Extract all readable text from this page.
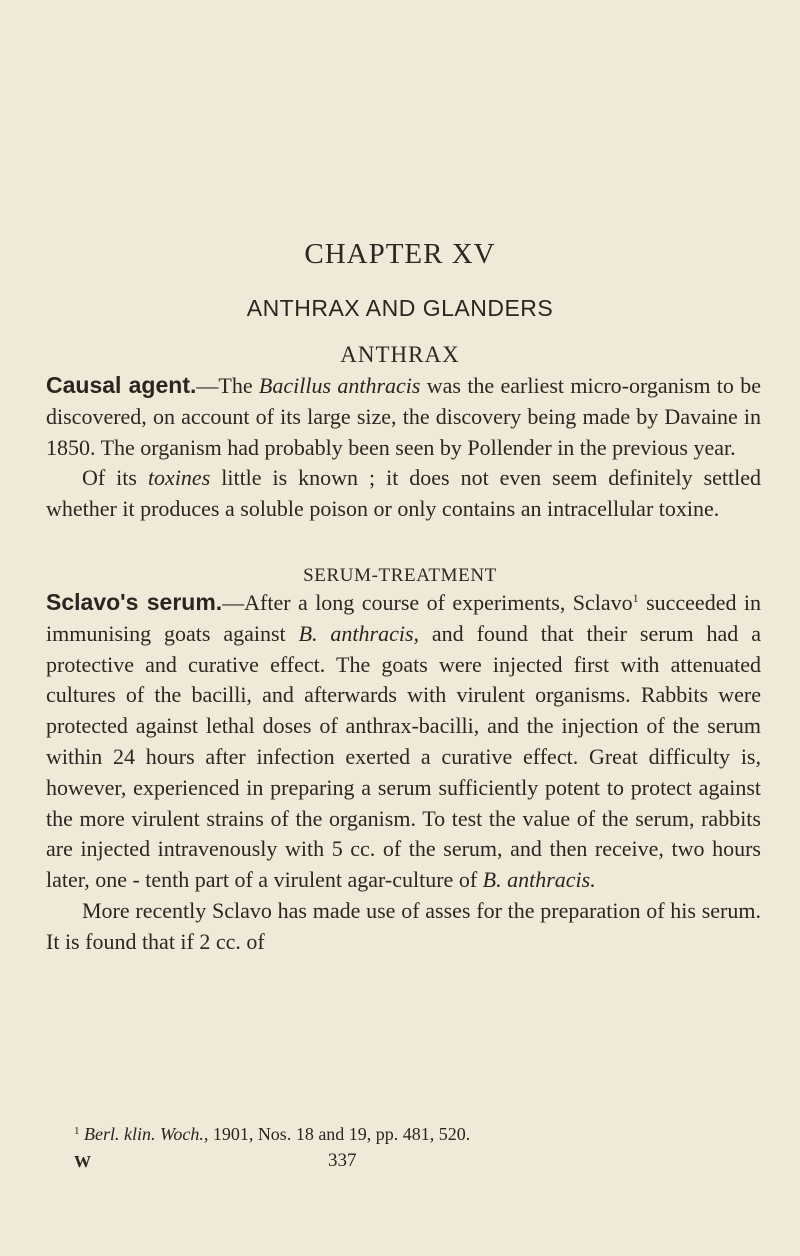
CHAPTER XV
ANTHRAX AND GLANDERS
ANTHRAX

Causal agent.—The Bacillus anthracis was the earliest micro-organism to be discovered, on account of its large size, the discovery being made by Davaine in 1850. The organism had probably been seen by Pollender in the previous year.

Of its toxines little is known ; it does not even seem definitely settled whether it produces a soluble poison or only contains an intracellular toxine.

SERUM-TREATMENT

Sclavo's serum.—After a long course of experiments, Sclavo$^1$ succeeded in immunising goats against B. anthracis, and found that their serum had a protective and curative effect. The goats were injected first with attenuated cultures of the bacilli, and afterwards with virulent organisms. Rabbits were protected against lethal doses of anthrax-bacilli, and the injection of the serum within 24 hours after infection exerted a curative effect. Great difficulty is, however, experienced in preparing a serum sufficiently potent to protect against the more virulent strains of the organism. To test the value of the serum, rabbits are injected intravenously with 5 cc. of the serum, and then receive, two hours later, one - tenth part of a virulent agar-culture of B. anthracis.

More recently Sclavo has made use of asses for the preparation of his serum. It is found that if 2 cc. of

$^1$ Berl. klin. Woch., 1901, Nos. 18 and 19, pp. 481, 520.
W	337
